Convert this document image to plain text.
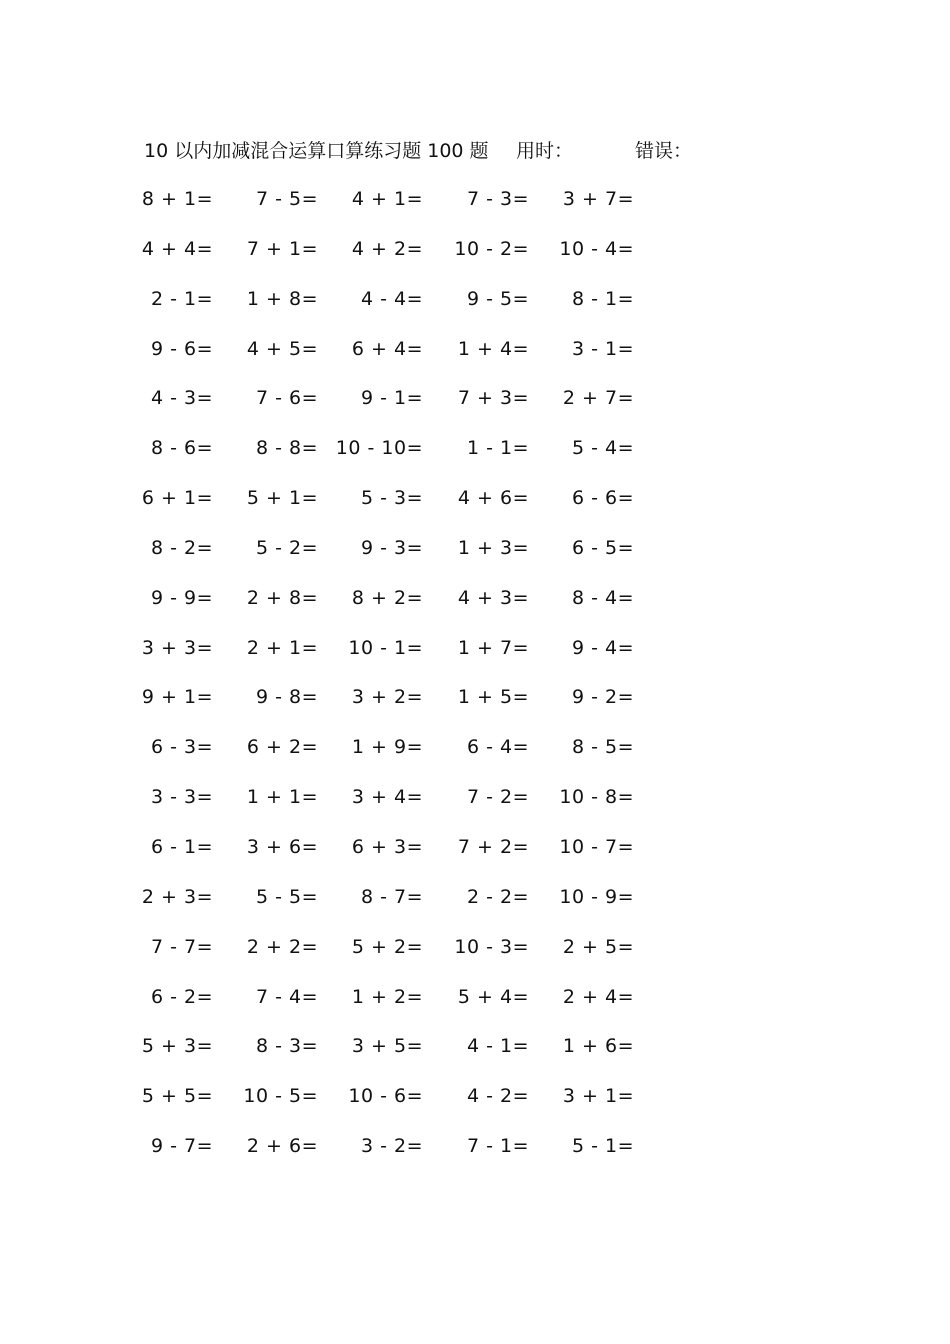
10 以内加减混合运算口算练习题 100 题 用时：	错误：
8 + 1= 7 - 5= 4 + 1= 7 - 3= 3 + 7=
4 + 4= 7 + 1= 4 + 2= 10 - 2= 10 - 4=
2 - 1= 1 + 8= 4 - 4= 9 - 5= 8 - 1=
9 - 6= 4 + 5= 6 + 4= 1 + 4= 3 - 1=
4 - 3= 7 - 6= 9 - 1= 7 + 3= 2 + 7=
8 - 6= 8 - 8= 10 - 10= 1 - 1= 5 - 4=
6 + 1= 5 + 1= 5 - 3= 4 + 6= 6 - 6=
8 - 2= 5 - 2= 9 - 3= 1 + 3= 6 - 5=
9 - 9= 2 + 8= 8 + 2= 4 + 3= 8 - 4=
3 + 3= 2 + 1= 10 - 1= 1 + 7= 9 - 4=
9 + 1= 9 - 8= 3 + 2= 1 + 5= 9 - 2=
6 - 3= 6 + 2= 1 + 9= 6 - 4= 8 - 5=
3 - 3= 1 + 1= 3 + 4= 7 - 2= 10 - 8=
6 - 1= 3 + 6= 6 + 3= 7 + 2= 10 - 7=
2 + 3= 5 - 5= 8 - 7= 2 - 2= 10 - 9=
7 - 7= 2 + 2= 5 + 2= 10 - 3= 2 + 5=
6 - 2= 7 - 4= 1 + 2= 5 + 4= 2 + 4=
5 + 3= 8 - 3= 3 + 5= 4 - 1= 1 + 6=
5 + 5= 10 - 5= 10 - 6= 4 - 2= 3 + 1=
9 - 7= 2 + 6= 3 - 2= 7 - 1= 5 - 1=
